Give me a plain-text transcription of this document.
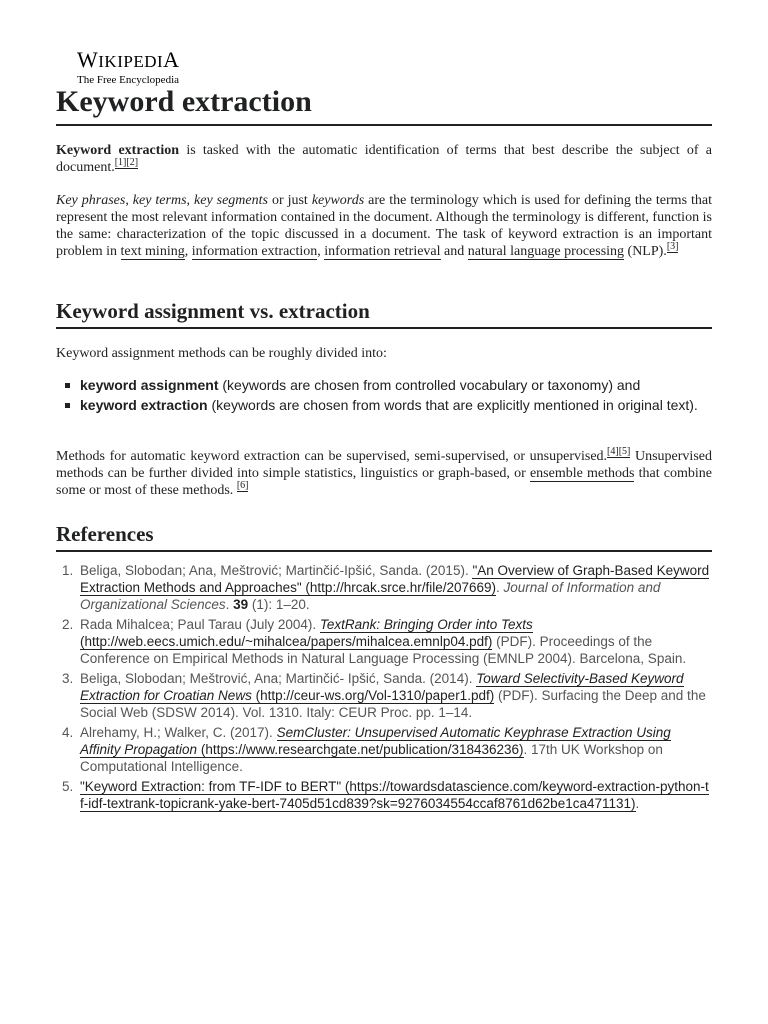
WIKIPEDIA
The Free Encyclopedia
Keyword extraction

Keyword extraction is tasked with the automatic identification of terms that best describe the subject of a document.[1][2]

Key phrases, key terms, key segments or just keywords are the terminology which is used for defining the terms that represent the most relevant information contained in the document. Although the terminology is different, function is the same: characterization of the topic discussed in a document. The task of keyword extraction is an important problem in text mining, information extraction, information retrieval and natural language processing (NLP).[3]

Keyword assignment vs. extraction

Keyword assignment methods can be roughly divided into:

keyword assignment (keywords are chosen from controlled vocabulary or taxonomy) and
keyword extraction (keywords are chosen from words that are explicitly mentioned in original text).

Methods for automatic keyword extraction can be supervised, semi-supervised, or unsupervised.[4][5] Unsupervised methods can be further divided into simple statistics, linguistics or graph-based, or ensemble methods that combine some or most of these methods. [6]

References
1. Beliga, Slobodan; Ana, Meštrović; Martinčić-Ipšić, Sanda. (2015). "An Overview of Graph-Based Keyword Extraction Methods and Approaches" (http://hrcak.srce.hr/file/207669). Journal of Information and Organizational Sciences. 39 (1): 1–20.
2. Rada Mihalcea; Paul Tarau (July 2004). TextRank: Bringing Order into Texts (http://web.eecs.umich.edu/~mihalcea/papers/mihalcea.emnlp04.pdf) (PDF). Proceedings of the Conference on Empirical Methods in Natural Language Processing (EMNLP 2004). Barcelona, Spain.
3. Beliga, Slobodan; Meštrović, Ana; Martinčić- Ipšić, Sanda. (2014). Toward Selectivity-Based Keyword Extraction for Croatian News (http://ceur-ws.org/Vol-1310/paper1.pdf) (PDF). Surfacing the Deep and the Social Web (SDSW 2014). Vol. 1310. Italy: CEUR Proc. pp. 1–14.
4. Alrehamy, H.; Walker, C. (2017). SemCluster: Unsupervised Automatic Keyphrase Extraction Using Affinity Propagation (https://www.researchgate.net/publication/318436236). 17th UK Workshop on Computational Intelligence.
5. "Keyword Extraction: from TF-IDF to BERT" (https://towardsdatascience.com/keyword-extraction-python-tf-idf-textrank-topicrank-yake-bert-7405d51cd839?sk=9276034554ccaf8761d62be1ca471131).
